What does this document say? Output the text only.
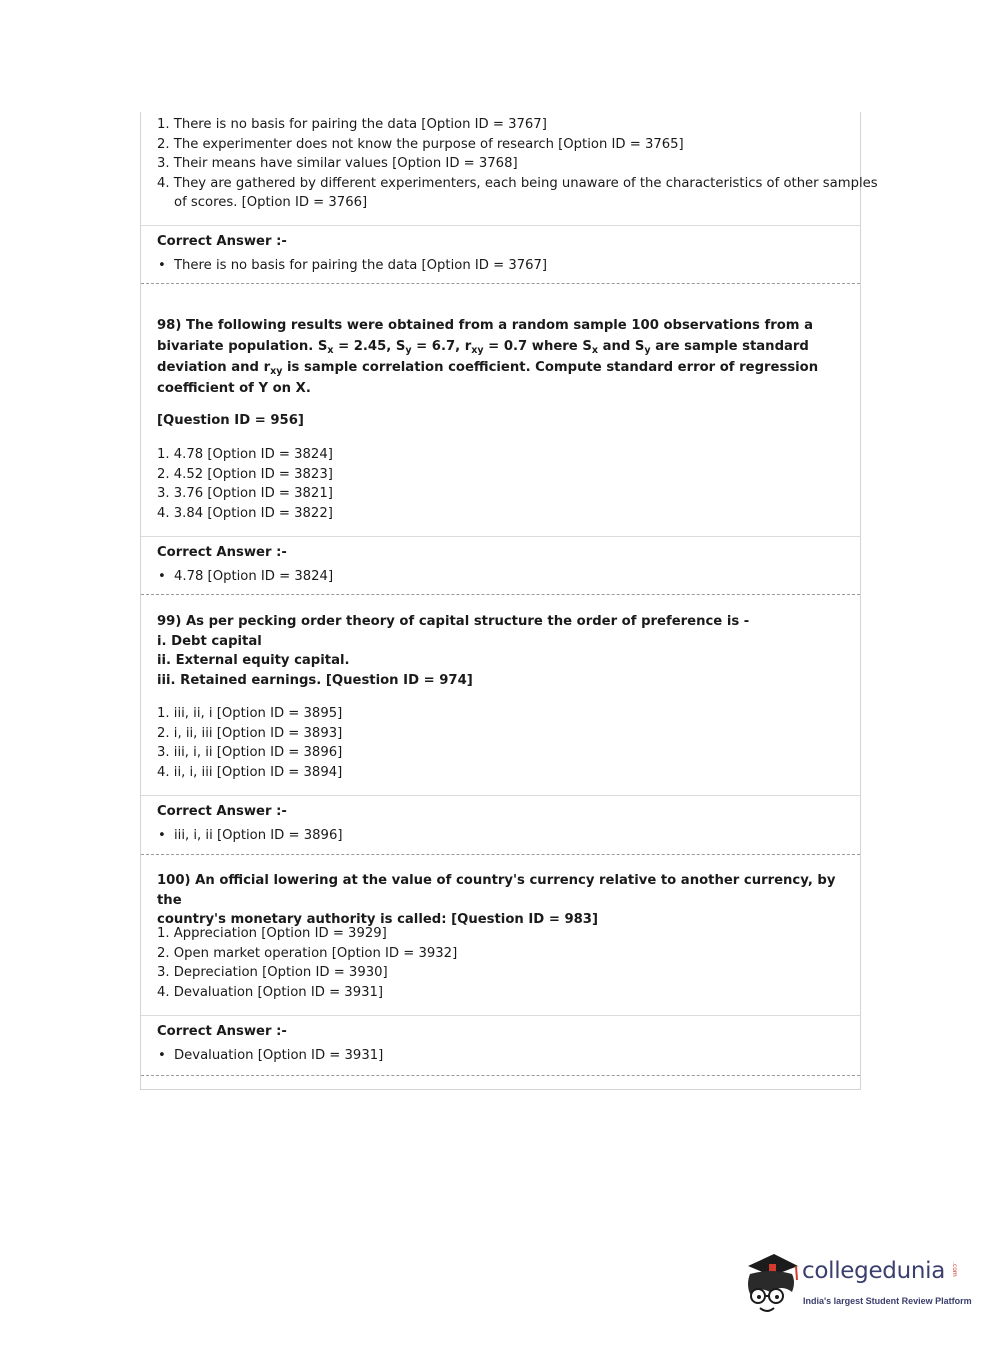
1. There is no basis for pairing the data [Option ID = 3767]
2. The experimenter does not know the purpose of research [Option ID = 3765]
3. Their means have similar values [Option ID = 3768]
4. They are gathered by different experimenters, each being unaware of the characteristics of other samples
of scores. [Option ID = 3766]
Correct Answer :-
• There is no basis for pairing the data [Option ID = 3767]
98) The following results were obtained from a random sample 100 observations from a
bivariate population. $S_x = 2.45$, $S_y = 6.7$, $r_{xy} = 0.7$ where $S_x$ and $S_y$ are sample standard
deviation and $r_{xy}$ is sample correlation coefficient. Compute standard error of regression
coefficient of Y on X.
[Question ID = 956]
1. 4.78 [Option ID = 3824]
2. 4.52 [Option ID = 3823]
3. 3.76 [Option ID = 3821]
4. 3.84 [Option ID = 3822]
Correct Answer :-
• 4.78 [Option ID = 3824]
99) As per pecking order theory of capital structure the order of preference is -
i. Debt capital
ii. External equity capital.
iii. Retained earnings. [Question ID = 974]
1. iii, ii, i [Option ID = 3895]
2. i, ii, iii [Option ID = 3893]
3. iii, i, ii [Option ID = 3896]
4. ii, i, iii [Option ID = 3894]
Correct Answer :-
• iii, i, ii [Option ID = 3896]
100) An official lowering at the value of country's currency relative to another currency, by the
country's monetary authority is called: [Question ID = 983]
1. Appreciation [Option ID = 3929]
2. Open market operation [Option ID = 3932]
3. Depreciation [Option ID = 3930]
4. Devaluation [Option ID = 3931]
Correct Answer :-
• Devaluation [Option ID = 3931]
collegedunia .com
India's largest Student Review Platform
